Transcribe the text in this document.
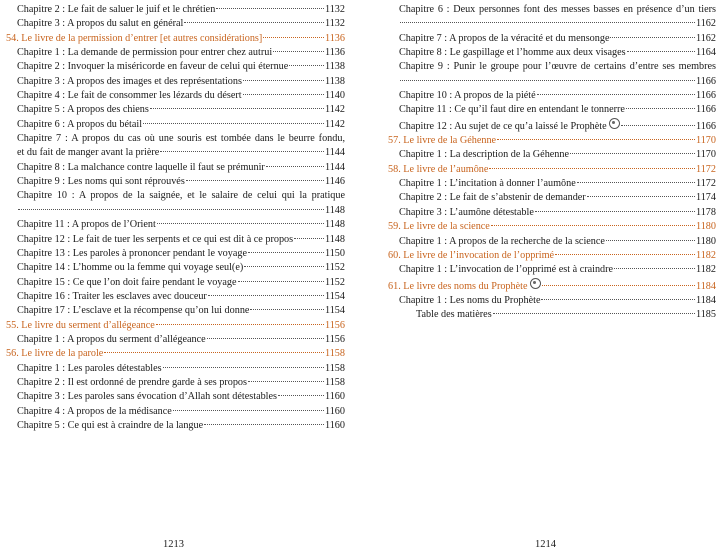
Chapitre 2 : Le fait de saluer le juif et le chrétien	1132
Chapitre 3 : A propos du salut en général	1132
54. Le livre de la permission d’entrer [et autres considérations]	1136
Chapitre 1 : La demande de permission pour entrer chez autrui	1136
Chapitre 2 : Invoquer la miséricorde en faveur de celui qui éternue	1138
Chapitre 3 : A propos des images et des représentations	1138
Chapitre 4 : Le fait de consommer les lézards du désert	1140
Chapitre 5 : A propos des chiens	1142
Chapitre 6 : A propos du bétail	1142
Chapitre 7 : A propos du cas où une souris est tombée dans le beurre fondu,
et du fait de manger avant la prière	1144
Chapitre 8 : La malchance contre laquelle il faut se prémunir	1144
Chapitre 9 : Les noms qui sont réprouvés	1146
Chapitre 10 : A propos de la saignée, et le salaire de celui qui la pratique
1148
Chapitre 11 : A propos de l’Orient	1148
Chapitre 12 : Le fait de tuer les serpents et ce qui est dit à ce propos	1148
Chapitre 13 : Les paroles à prononcer pendant le voyage	1150
Chapitre 14 : L’homme ou la femme qui voyage seul(e)	1152
Chapitre 15 : Ce que l’on doit faire pendant le voyage	1152
Chapitre 16 : Traiter les esclaves avec douceur	1154
Chapitre 17 : L’esclave et la récompense qu’on lui donne	1154
55. Le livre du serment d’allégeance	1156
Chapitre 1 : A propos du serment d’allégeance	1156
56. Le livre de la parole	1158
Chapitre 1 : Les paroles détestables	1158
Chapitre 2 : Il est ordonné de prendre garde à ses propos	1158
Chapitre 3 : Les paroles sans évocation d’Allah sont détestables	1160
Chapitre 4 : A propos de la médisance	1160
Chapitre 5 : Ce qui est à craindre de la langue	1160
1213
Chapitre 6 : Deux personnes font des messes basses en présence d’un tiers
1162
Chapitre 7 : A propos de la véracité et du mensonge	1162
Chapitre 8 : Le gaspillage et l’homme aux deux visages	1164
Chapitre 9 : Punir le groupe pour l’œuvre de certains d’entre ses membres
1166
Chapitre 10 : A propos de la piété	1166
Chapitre 11 : Ce qu’il faut dire en entendant le tonnerre	1166
Chapitre 12 : Au sujet de ce qu’a laissé le Prophète	1166
57. Le livre de la Géhenne	1170
Chapitre 1 : La description de la Géhenne	1170
58. Le livre de l’aumône	1172
Chapitre 1 : L’incitation à donner l’aumône	1172
Chapitre 2 : Le fait de s’abstenir de demander	1174
Chapitre 3 : L’aumône détestable	1178
59. Le livre de la science	1180
Chapitre 1 : A propos de la recherche de la science	1180
60. Le livre de l’invocation de l’opprimé	1182
Chapitre 1 : L’invocation de l’opprimé est à craindre	1182
61. Le livre des noms du Prophète	1184
Chapitre 1 : Les noms du Prophète	1184
Table des matières	1185
1214
